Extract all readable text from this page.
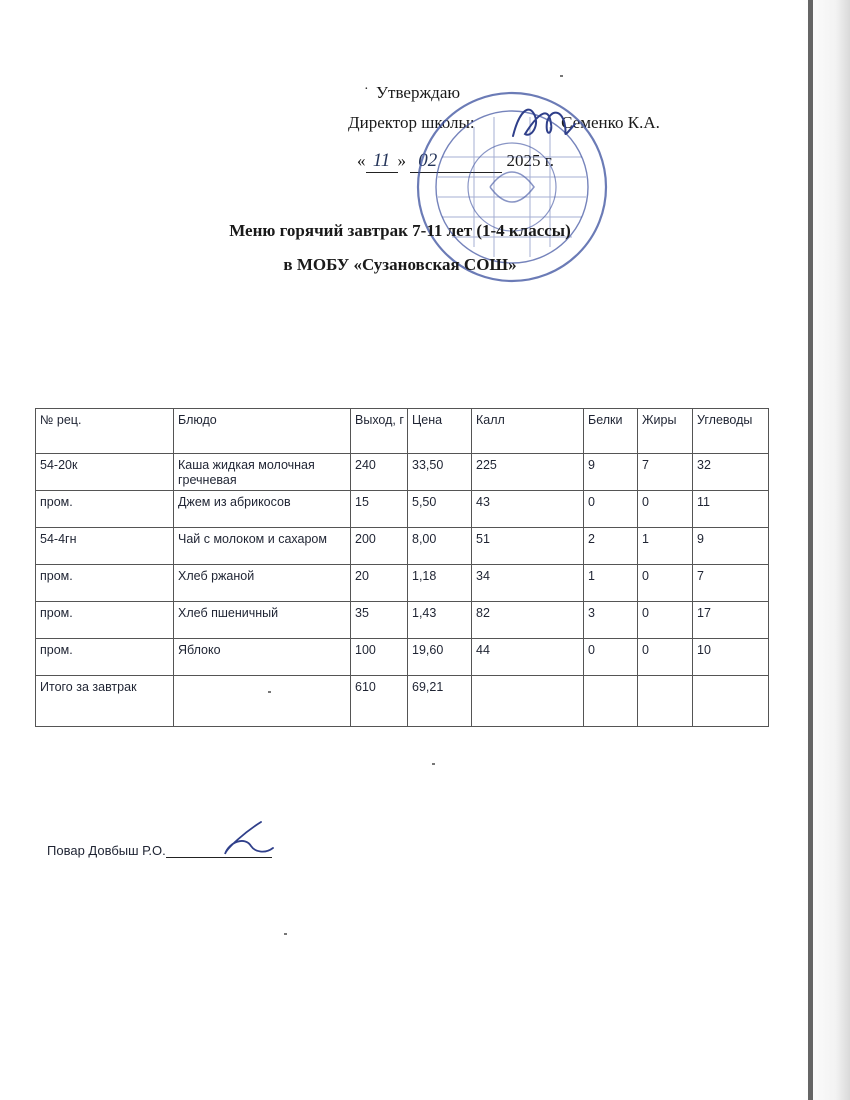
· Утверждаю
Директор школы:	Семенко К.А.
« 11 » 02	2025 г.
Меню горячий завтрак 7-11 лет (1-4 классы)
в МОБУ «Сузановская СОШ»
№ рец.	Блюдо	Выход, г	Цена	Калл	Белки	Жиры	Углеводы
54-20к	Каша жидкая молочная гречневая	240	33,50	225	9	7	32
пром.	Джем из абрикосов	15	5,50	43	0	0	11
54-4гн	Чай с молоком и сахаром	200	8,00	51	2	1	9
пром.	Хлеб ржаной	20	1,18	34	1	0	7
пром.	Хлеб пшеничный	35	1,43	82	3	0	17
пром.	Яблоко	100	19,60	44	0	0	10
Итого за завтрак		610	69,21				
Повар Довбыш Р.О.
